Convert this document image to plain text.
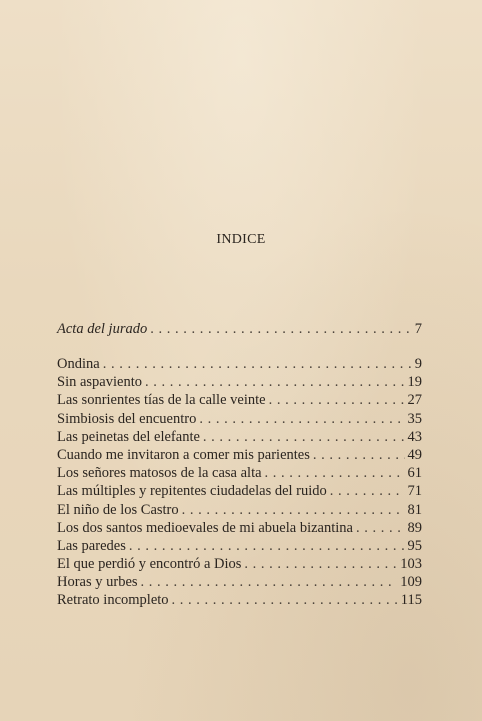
INDICE
Acta del jurado . . .	7
Ondina . . .	9
Sin aspaviento . . .	19
Las sonrientes tías de la calle veinte . . .	27
Simbiosis del encuentro . . .	35
Las peinetas del elefante . . .	43
Cuando me invitaron a comer mis parientes . . .	49
Los señores matosos de la casa alta . . .	61
Las múltiples y repitentes ciudadelas del ruido . . .	71
El niño de los Castro . . .	81
Los dos santos medioevales de mi abuela bizantina . . .	89
Las paredes . . .	95
El que perdió y encontró a Dios . . .	103
Horas y urbes . . .	109
Retrato incompleto . . .	115
